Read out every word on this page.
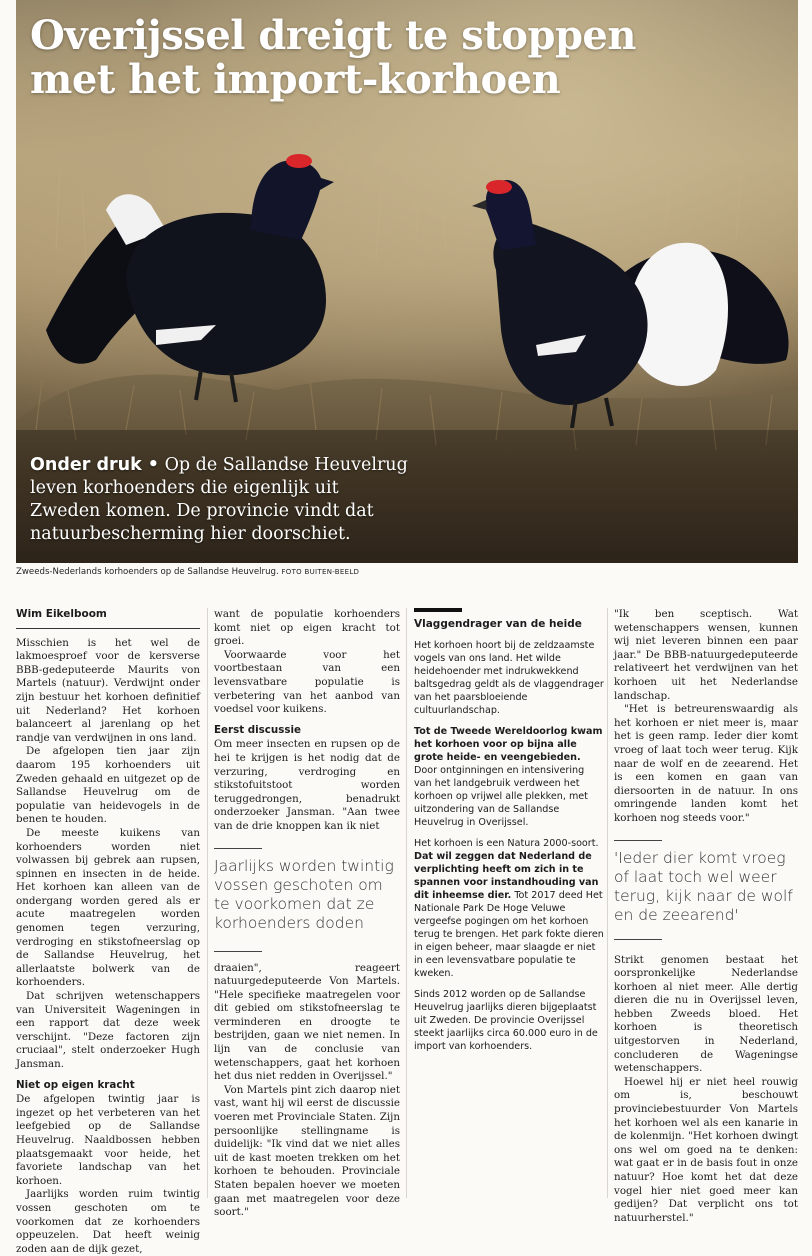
Overijssel dreigt te stoppen met het import-korhoen
Onder druk • Op de Sallandse Heuvelrug leven korhoenders die eigenlijk uit Zweden komen. De provincie vindt dat natuurbescherming hier doorschiet.
Zweeds-Nederlands korhoenders op de Sallandse Heuvelrug. FOTO BUITEN-BEELD
Wim Eikelboom

Misschien is het wel de lakmoesproef voor de kersverse BBB-gedeputeerde Maurits von Martels (natuur). Verdwijnt onder zijn bestuur het korhoen definitief uit Nederland? Het korhoen balanceert al jarenlang op het randje van verdwijnen in ons land.

De afgelopen tien jaar zijn daarom 195 korhoenders uit Zweden gehaald en uitgezet op de Sallandse Heuvelrug om de populatie van heidevogels in de benen te houden.

De meeste kuikens van korhoenders worden niet volwassen bij gebrek aan rupsen, spinnen en insecten in de heide. Het korhoen kan alleen van de ondergang worden gered als er acute maatregelen worden genomen tegen verzuring, verdroging en stikstofneerslag op de Sallandse Heuvelrug, het allerlaatste bolwerk van de korhoenders.

Dat schrijven wetenschappers van Universiteit Wageningen in een rapport dat deze week verschijnt. "Deze factoren zijn cruciaal", stelt onderzoeker Hugh Jansman.

Niet op eigen kracht

De afgelopen twintig jaar is ingezet op het verbeteren van het leefgebied op de Sallandse Heuvelrug. Naaldbossen hebben plaatsgemaakt voor heide, het favoriete landschap van het korhoen.

Jaarlijks worden ruim twintig vossen geschoten om te voorkomen dat ze korhoenders oppeuzelen. Dat heeft weinig zoden aan de dijk gezet,

want de populatie korhoenders komt niet op eigen kracht tot groei.

Voorwaarde voor het voortbestaan van een levensvatbare populatie is verbetering van het aanbod van voedsel voor kuikens.

Eerst discussie

Om meer insecten en rupsen op de hei te krijgen is het nodig dat de verzuring, verdroging en stikstofuitstoot worden teruggedrongen, benadrukt onderzoeker Jansman. "Aan twee van de drie knoppen kan ik niet

Jaarlijks worden twintig vossen geschoten om te voorkomen dat ze korhoenders doden

draaien", reageert natuurgedeputeerde Von Martels. "Hele specifieke maatregelen voor dit gebied om stikstofneerslag te verminderen en droogte te bestrijden, gaan we niet nemen. In lijn van de conclusie van wetenschappers, gaat het korhoen het dus niet redden in Overijssel."

Von Martels pint zich daarop niet vast, want hij wil eerst de discussie voeren met Provinciale Staten. Zijn persoonlijke stellingname is duidelijk: "Ik vind dat we niet alles uit de kast moeten trekken om het korhoen te behouden. Provinciale Staten bepalen hoever we moeten gaan met maatregelen voor deze soort."

Vlaggendrager van de heide

Het korhoen hoort bij de zeldzaamste vogels van ons land. Het wilde heidehoender met indrukwekkend baltsgedrag geldt als de vlaggendrager van het paarsbloeiende cultuurlandschap.

Tot de Tweede Wereldoorlog kwam het korhoen voor op bijna alle grote heide- en veengebieden. Door ontginningen en intensivering van het landgebruik verdween het korhoen op vrijwel alle plekken, met uitzondering van de Sallandse Heuvelrug in Overijssel.

Het korhoen is een Natura 2000-soort. Dat wil zeggen dat Nederland de verplichting heeft om zich in te spannen voor instandhouding van dit inheemse dier. Tot 2017 deed Het Nationale Park De Hoge Veluwe vergeefse pogingen om het korhoen terug te brengen. Het park fokte dieren in eigen beheer, maar slaagde er niet in een levensvatbare populatie te kweken.

Sinds 2012 worden op de Sallandse Heuvelrug jaarlijks dieren bijgeplaatst uit Zweden. De provincie Overijssel steekt jaarlijks circa 60.000 euro in de import van korhoenders.

"Ik ben sceptisch. Wat wetenschappers wensen, kunnen wij niet leveren binnen een paar jaar." De BBB-natuurgedeputeerde relativeert het verdwijnen van het korhoen uit het Nederlandse landschap.

"Het is betreurenswaardig als het korhoen er niet meer is, maar het is geen ramp. Ieder dier komt vroeg of laat toch weer terug. Kijk naar de wolf en de zeearend. Het is een komen en gaan van diersoorten in de natuur. In ons omringende landen komt het korhoen nog steeds voor."

'Ieder dier komt vroeg of laat toch wel weer terug, kijk naar de wolf en de zeearend'

Strikt genomen bestaat het oorspronkelijke Nederlandse korhoen al niet meer. Alle dertig dieren die nu in Overijssel leven, hebben Zweeds bloed. Het korhoen is theoretisch uitgestorven in Nederland, concluderen de Wageningse wetenschappers.

Hoewel hij er niet heel rouwig om is, beschouwt provinciebestuurder Von Martels het korhoen wel als een kanarie in de kolenmijn. "Het korhoen dwingt ons wel om goed na te denken: wat gaat er in de basis fout in onze natuur? Hoe komt het dat deze vogel hier niet goed meer kan gedijen? Dat verplicht ons tot natuurherstel."
